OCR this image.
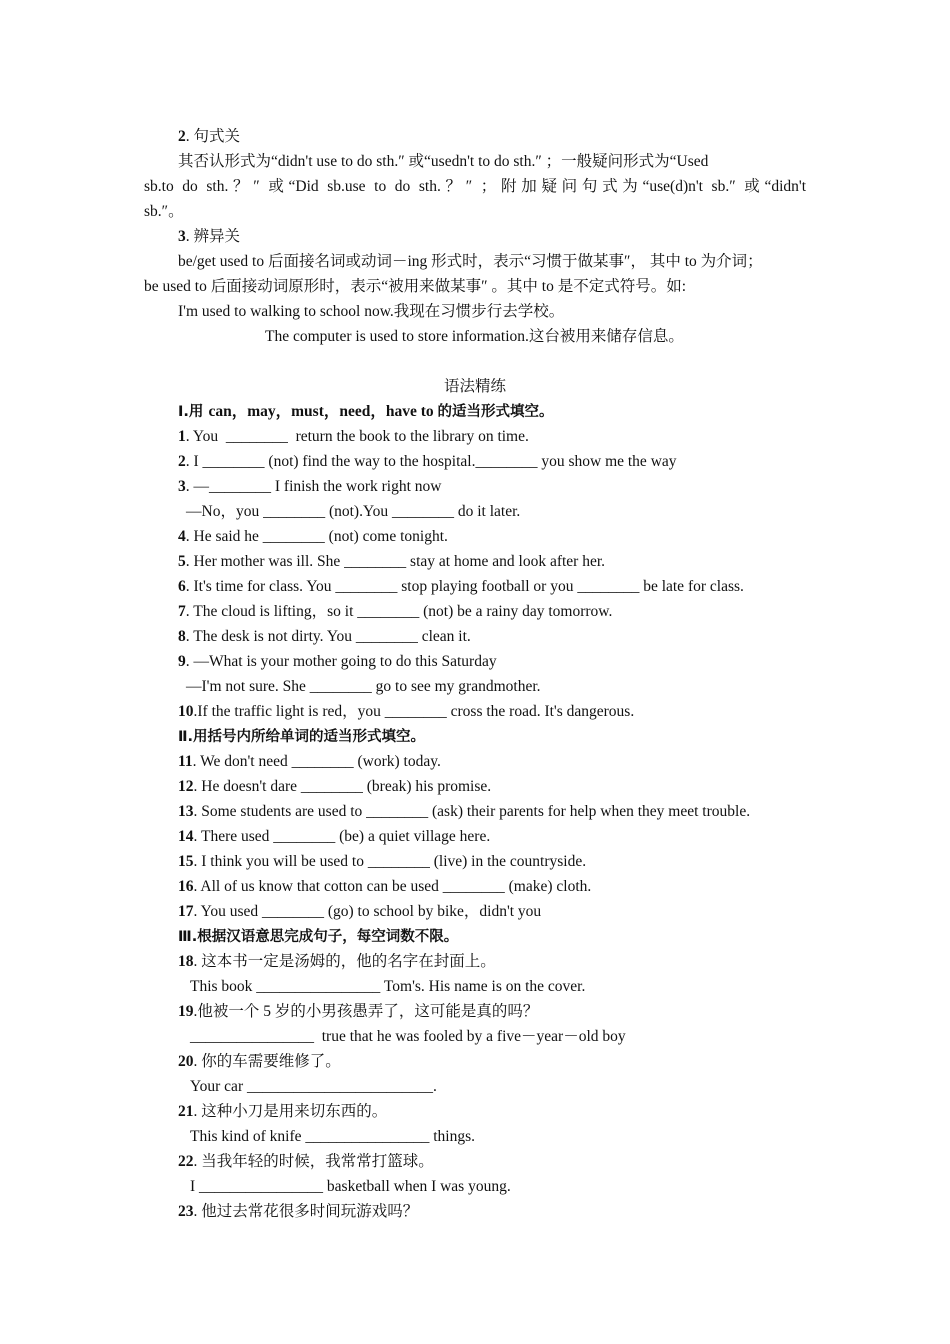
2. 句式关
其否认形式为“didn't use to do sth.″ 或“usedn't to do sth.″ ；一般疑问形式为“Used
sb.to do sth.？″ 或“Did sb.use to do sth.？″ ；附加疑问句式为“use(d)n't sb.″ 或“didn't
sb.″。
3. 辨异关
be/get used to 后面接名词或动词－ing 形式时，表示“习惯于做某事″， 其中 to 为介词；
be used to 后面接动词原形时，表示“被用来做某事″ 。其中 to 是不定式符号。如:
I'm used to walking to school now.我现在习惯步行去学校。
The computer is used to store information.这台被用来储存信息。
语法精练
Ⅰ.用 can，may，must，need，have to 的适当形式填空。
1. You  ________  return the book to the library on time.
2. I ________ (not) find the way to the hospital.________ you show me the way
3. —________ I finish the work right now
—No，you ________ (not).You ________ do it later.
4. He said he ________ (not) come tonight.
5. Her mother was ill. She ________ stay at home and look after her.
6. It's time for class. You ________ stop playing football or you ________ be late for class.
7. The cloud is lifting，so it ________ (not) be a rainy day tomorrow.
8. The desk is not dirty. You ________ clean it.
9. —What is your mother going to do this Saturday
—I'm not sure. She ________ go to see my grandmother.
10.If the traffic light is red，you ________ cross the road. It's dangerous.
Ⅱ.用括号内所给单词的适当形式填空。
11. We don't need ________ (work) today.
12. He doesn't dare ________ (break) his promise.
13. Some students are used to ________ (ask) their parents for help when they meet trouble.
14. There used ________ (be) a quiet village here.
15. I think you will be used to ________ (live) in the countryside.
16. All of us know that cotton can be used ________ (make) cloth.
17. You used ________ (go) to school by bike，didn't you
Ⅲ.根据汉语意思完成句子，每空词数不限。
18. 这本书一定是汤姆的，他的名字在封面上。
This book ________________ Tom's. His name is on the cover.
19.他被一个 5 岁的小男孩愚弄了，这可能是真的吗？
________________  true that he was fooled by a five－year－old boy
20. 你的车需要维修了。
Your car ________________________.
21. 这种小刀是用来切东西的。
This kind of knife ________________ things.
22. 当我年轻的时候，我常常打篮球。
I ________________ basketball when I was young.
23. 他过去常花很多时间玩游戏吗？
